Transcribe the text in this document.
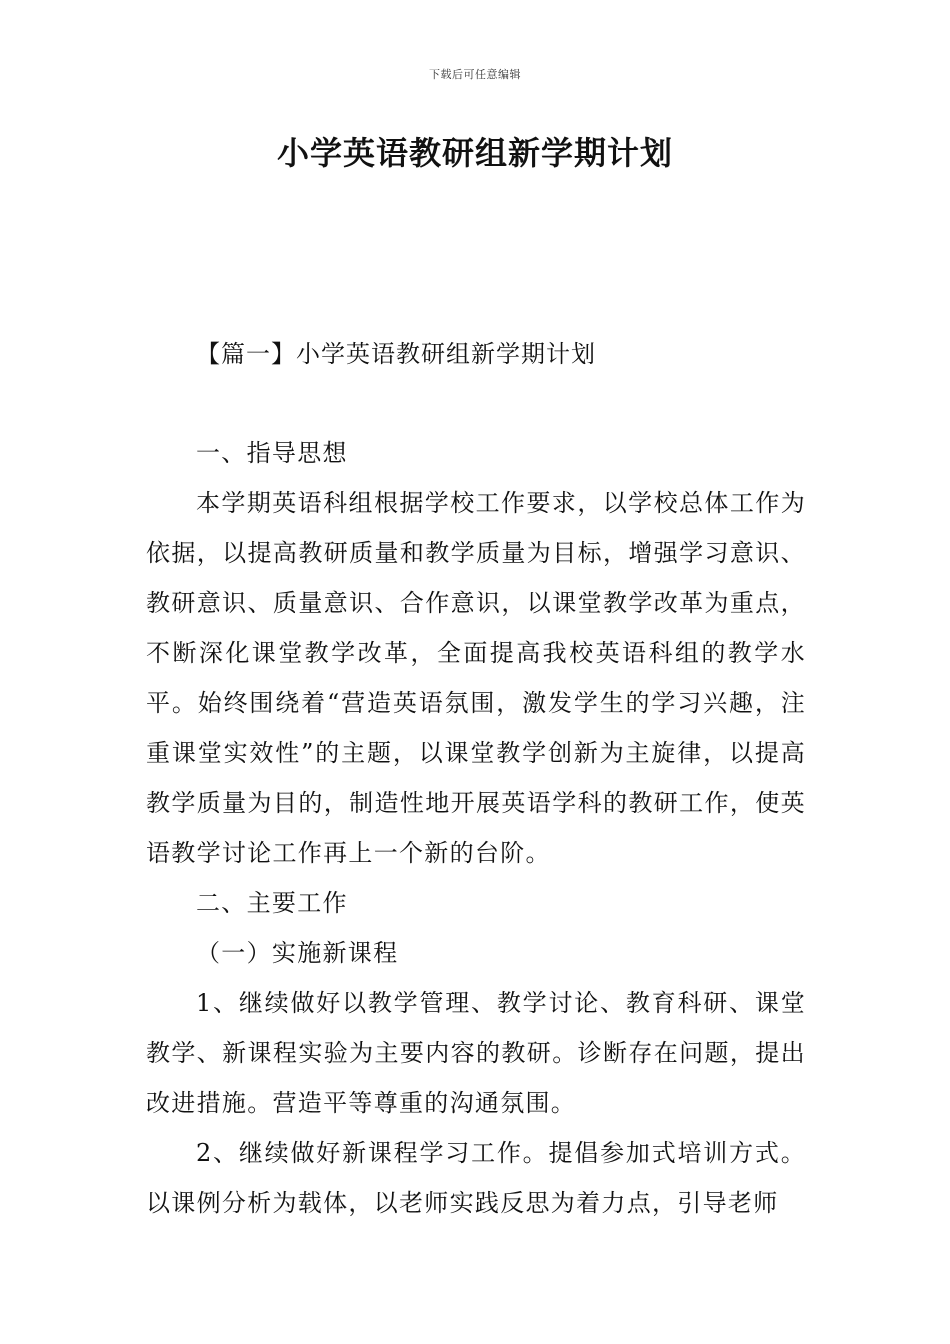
下载后可任意编辑
小学英语教研组新学期计划
【篇一】小学英语教研组新学期计划

一、指导思想

本学期英语科组根据学校工作要求，以学校总体工作为依据，以提高教研质量和教学质量为目标，增强学习意识、教研意识、质量意识、合作意识，以课堂教学改革为重点，不断深化课堂教学改革，全面提高我校英语科组的教学水平。始终围绕着“营造英语氛围，激发学生的学习兴趣，注重课堂实效性”的主题，以课堂教学创新为主旋律，以提高教学质量为目的，制造性地开展英语学科的教研工作，使英语教学讨论工作再上一个新的台阶。

二、主要工作

（一）实施新课程

1、继续做好以教学管理、教学讨论、教育科研、课堂教学、新课程实验为主要内容的教研。诊断存在问题，提出改进措施。营造平等尊重的沟通氛围。

2、继续做好新课程学习工作。提倡参加式培训方式。以课例分析为载体，以老师实践反思为着力点，引导老师
